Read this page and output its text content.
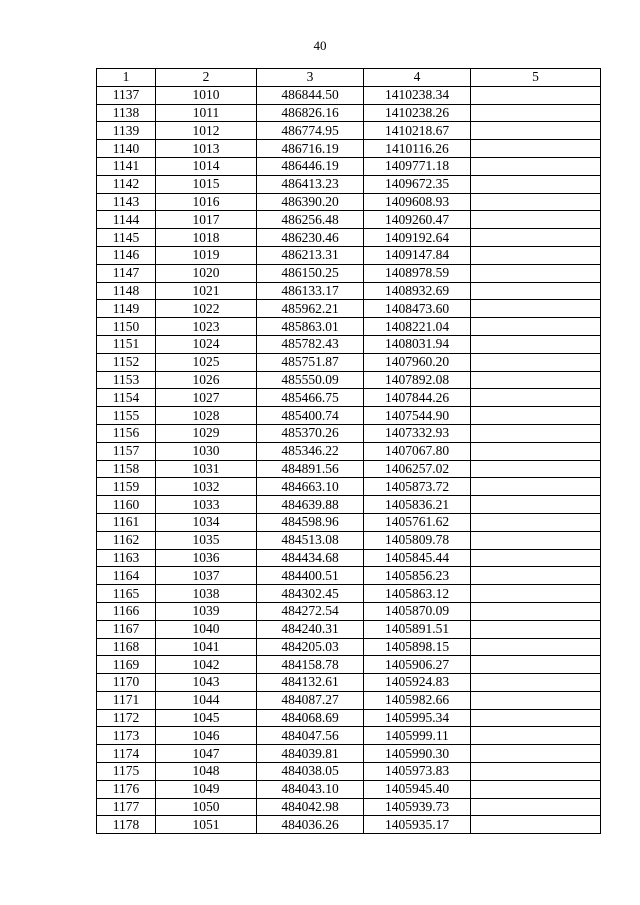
40
1	2	3	4	5
1137	1010	486844.50	1410238.34	
1138	1011	486826.16	1410238.26	
1139	1012	486774.95	1410218.67	
1140	1013	486716.19	1410116.26	
1141	1014	486446.19	1409771.18	
1142	1015	486413.23	1409672.35	
1143	1016	486390.20	1409608.93	
1144	1017	486256.48	1409260.47	
1145	1018	486230.46	1409192.64	
1146	1019	486213.31	1409147.84	
1147	1020	486150.25	1408978.59	
1148	1021	486133.17	1408932.69	
1149	1022	485962.21	1408473.60	
1150	1023	485863.01	1408221.04	
1151	1024	485782.43	1408031.94	
1152	1025	485751.87	1407960.20	
1153	1026	485550.09	1407892.08	
1154	1027	485466.75	1407844.26	
1155	1028	485400.74	1407544.90	
1156	1029	485370.26	1407332.93	
1157	1030	485346.22	1407067.80	
1158	1031	484891.56	1406257.02	
1159	1032	484663.10	1405873.72	
1160	1033	484639.88	1405836.21	
1161	1034	484598.96	1405761.62	
1162	1035	484513.08	1405809.78	
1163	1036	484434.68	1405845.44	
1164	1037	484400.51	1405856.23	
1165	1038	484302.45	1405863.12	
1166	1039	484272.54	1405870.09	
1167	1040	484240.31	1405891.51	
1168	1041	484205.03	1405898.15	
1169	1042	484158.78	1405906.27	
1170	1043	484132.61	1405924.83	
1171	1044	484087.27	1405982.66	
1172	1045	484068.69	1405995.34	
1173	1046	484047.56	1405999.11	
1174	1047	484039.81	1405990.30	
1175	1048	484038.05	1405973.83	
1176	1049	484043.10	1405945.40	
1177	1050	484042.98	1405939.73	
1178	1051	484036.26	1405935.17	
